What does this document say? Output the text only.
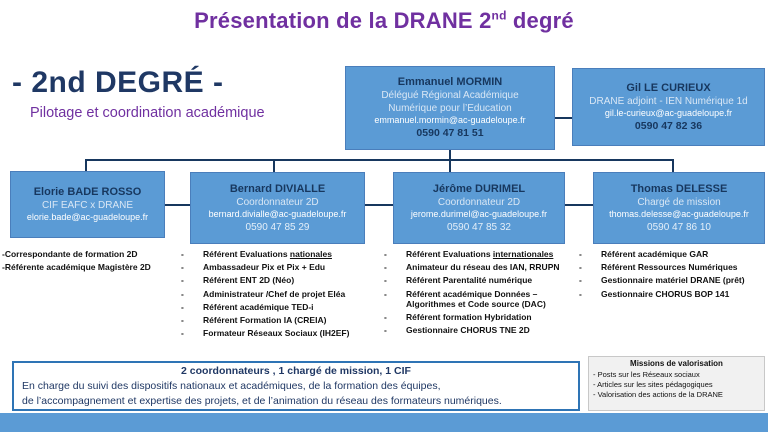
Présentation de la DRANE 2nd degré
- 2nd DEGRÉ -
Pilotage et coordination académique
Emmanuel MORMIN
Délégué Régional Académique
Numérique pour l’Education
emmanuel.mormin@ac-guadeloupe.fr
0590 47 81 51
Gil LE CURIEUX
DRANE adjoint - IEN Numérique 1d
gil.le-curieux@ac-guadeloupe.fr
0590 47 82 36
Elorie BADE ROSSO
CIF EAFC x DRANE
elorie.bade@ac-guadeloupe.fr
Bernard DIVIALLE
Coordonnateur 2D
bernard.divialle@ac-guadeloupe.fr
0590 47 85 29
Jérôme DURIMEL
Coordonnateur 2D
jerome.durimel@ac-guadeloupe.fr
0590 47 85 32
Thomas DELESSE
Chargé de mission
thomas.delesse@ac-guadeloupe.fr
0590 47 86 10
-Correspondante de formation 2D
-Référente académique Magistère 2D
-	Référent Evaluations nationales
-	Ambassadeur Pix et Pix + Edu
-	Référent ENT 2D (Néo)
-	Administrateur /Chef de projet Eléa
-	Référent académique TED-i
-	Référent Formation IA (CREIA)
-	Formateur Réseaux Sociaux (IH2EF)
-	Référent Evaluations internationales
-	Animateur du réseau des IAN, RRUPN
-	Référent Parentalité numérique
-	Référent académique Données – Algorithmes et Code source (DAC)
-	Référent formation Hybridation
-	Gestionnaire CHORUS TNE 2D
-	Référent académique GAR
-	Référent Ressources Numériques
-	Gestionnaire matériel DRANE (prêt)
-	Gestionnaire CHORUS BOP 141
2 coordonnateurs , 1 chargé de mission, 1 CIF
En charge du suivi des dispositifs nationaux et académiques, de la formation des équipes,
de l’accompagnement et expertise des projets, et de l’animation du réseau des formateurs numériques.
Missions de valorisation
- Posts sur les Réseaux sociaux
- Articles sur les sites pédagogiques
- Valorisation des actions de la DRANE
